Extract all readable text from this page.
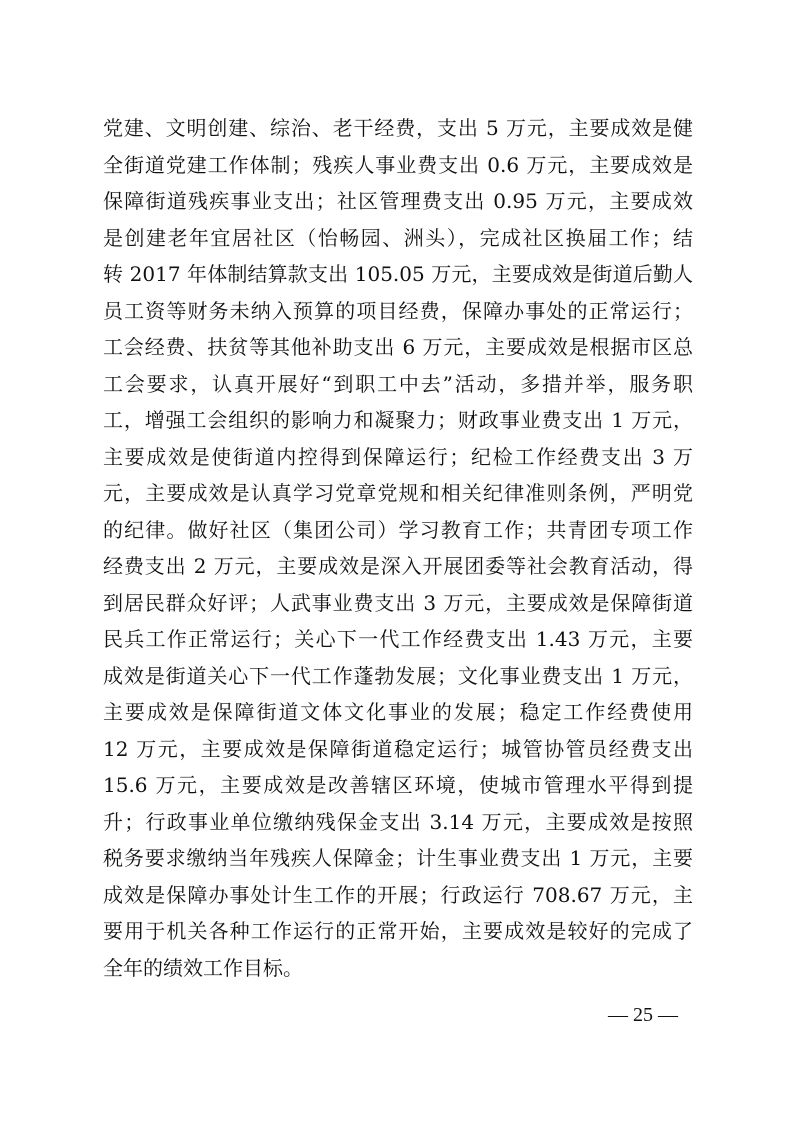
党建、文明创建、综治、老干经费，支出 5 万元，主要成效是健
全街道党建工作体制；残疾人事业费支出 0.6 万元，主要成效是
保障街道残疾事业支出；社区管理费支出 0.95 万元，主要成效
是创建老年宜居社区（怡畅园、洲头），完成社区换届工作；结
转 2017 年体制结算款支出 105.05 万元，主要成效是街道后勤人
员工资等财务未纳入预算的项目经费，保障办事处的正常运行；
工会经费、扶贫等其他补助支出 6 万元，主要成效是根据市区总
工会要求，认真开展好“到职工中去”活动，多措并举，服务职
工，增强工会组织的影响力和凝聚力；财政事业费支出 1 万元，
主要成效是使街道内控得到保障运行；纪检工作经费支出 3 万
元，主要成效是认真学习党章党规和相关纪律准则条例，严明党
的纪律。做好社区（集团公司）学习教育工作；共青团专项工作
经费支出 2 万元，主要成效是深入开展团委等社会教育活动，得
到居民群众好评；人武事业费支出 3 万元，主要成效是保障街道
民兵工作正常运行；关心下一代工作经费支出 1.43 万元，主要
成效是街道关心下一代工作蓬勃发展；文化事业费支出 1 万元，
主要成效是保障街道文体文化事业的发展；稳定工作经费使用
12 万元，主要成效是保障街道稳定运行；城管协管员经费支出
15.6 万元，主要成效是改善辖区环境，使城市管理水平得到提
升；行政事业单位缴纳残保金支出 3.14 万元，主要成效是按照
税务要求缴纳当年残疾人保障金；计生事业费支出 1 万元，主要
成效是保障办事处计生工作的开展；行政运行 708.67 万元，主
要用于机关各种工作运行的正常开始，主要成效是较好的完成了
全年的绩效工作目标。
— 25 —
